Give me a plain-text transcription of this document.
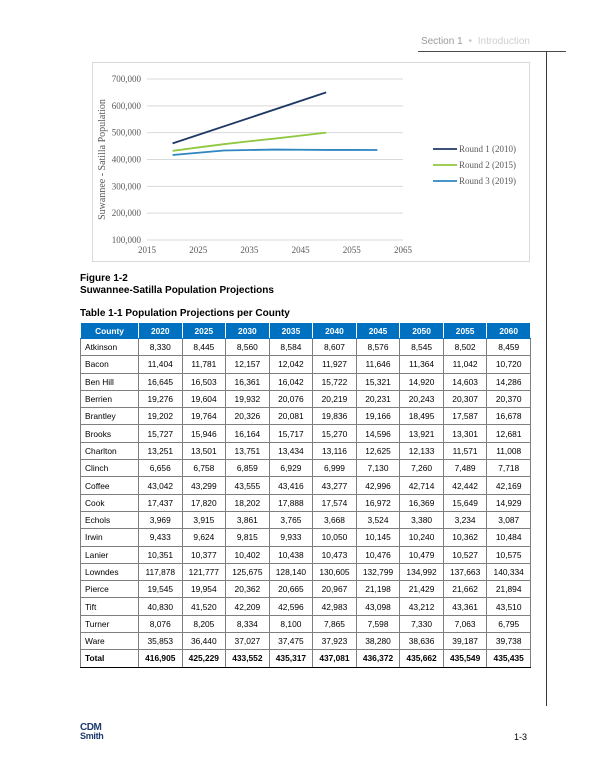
Section 1 • Introduction
100,000
200,000
300,000
400,000
500,000
600,000
700,000
2015	2025	2035	2045	2055	2065
Suwannee - Satilla Population	Round 1 (2010)
Round 2 (2015)
Round 3 (2019)
Figure 1-2
Suwannee-Satilla Population Projections
Table 1-1 Population Projections per County
County	2020	2025	2030	2035	2040	2045	2050	2055	2060
Atkinson	8,330	8,445	8,560	8,584	8,607	8,576	8,545	8,502	8,459
Bacon	11,404	11,781	12,157	12,042	11,927	11,646	11,364	11,042	10,720
Ben Hill	16,645	16,503	16,361	16,042	15,722	15,321	14,920	14,603	14,286
Berrien	19,276	19,604	19,932	20,076	20,219	20,231	20,243	20,307	20,370
Brantley	19,202	19,764	20,326	20,081	19,836	19,166	18,495	17,587	16,678
Brooks	15,727	15,946	16,164	15,717	15,270	14,596	13,921	13,301	12,681
Charlton	13,251	13,501	13,751	13,434	13,116	12,625	12,133	11,571	11,008
Clinch	6,656	6,758	6,859	6,929	6,999	7,130	7,260	7,489	7,718
Coffee	43,042	43,299	43,555	43,416	43,277	42,996	42,714	42,442	42,169
Cook	17,437	17,820	18,202	17,888	17,574	16,972	16,369	15,649	14,929
Echols	3,969	3,915	3,861	3,765	3,668	3,524	3,380	3,234	3,087
Irwin	9,433	9,624	9,815	9,933	10,050	10,145	10,240	10,362	10,484
Lanier	10,351	10,377	10,402	10,438	10,473	10,476	10,479	10,527	10,575
Lowndes	117,878	121,777	125,675	128,140	130,605	132,799	134,992	137,663	140,334
Pierce	19,545	19,954	20,362	20,665	20,967	21,198	21,429	21,662	21,894
Tift	40,830	41,520	42,209	42,596	42,983	43,098	43,212	43,361	43,510
Turner	8,076	8,205	8,334	8,100	7,865	7,598	7,330	7,063	6,795
Ware	35,853	36,440	37,027	37,475	37,923	38,280	38,636	39,187	39,738
Total	416,905	425,229	433,552	435,317	437,081	436,372	435,662	435,549	435,435
CDM
Smith	1-3
